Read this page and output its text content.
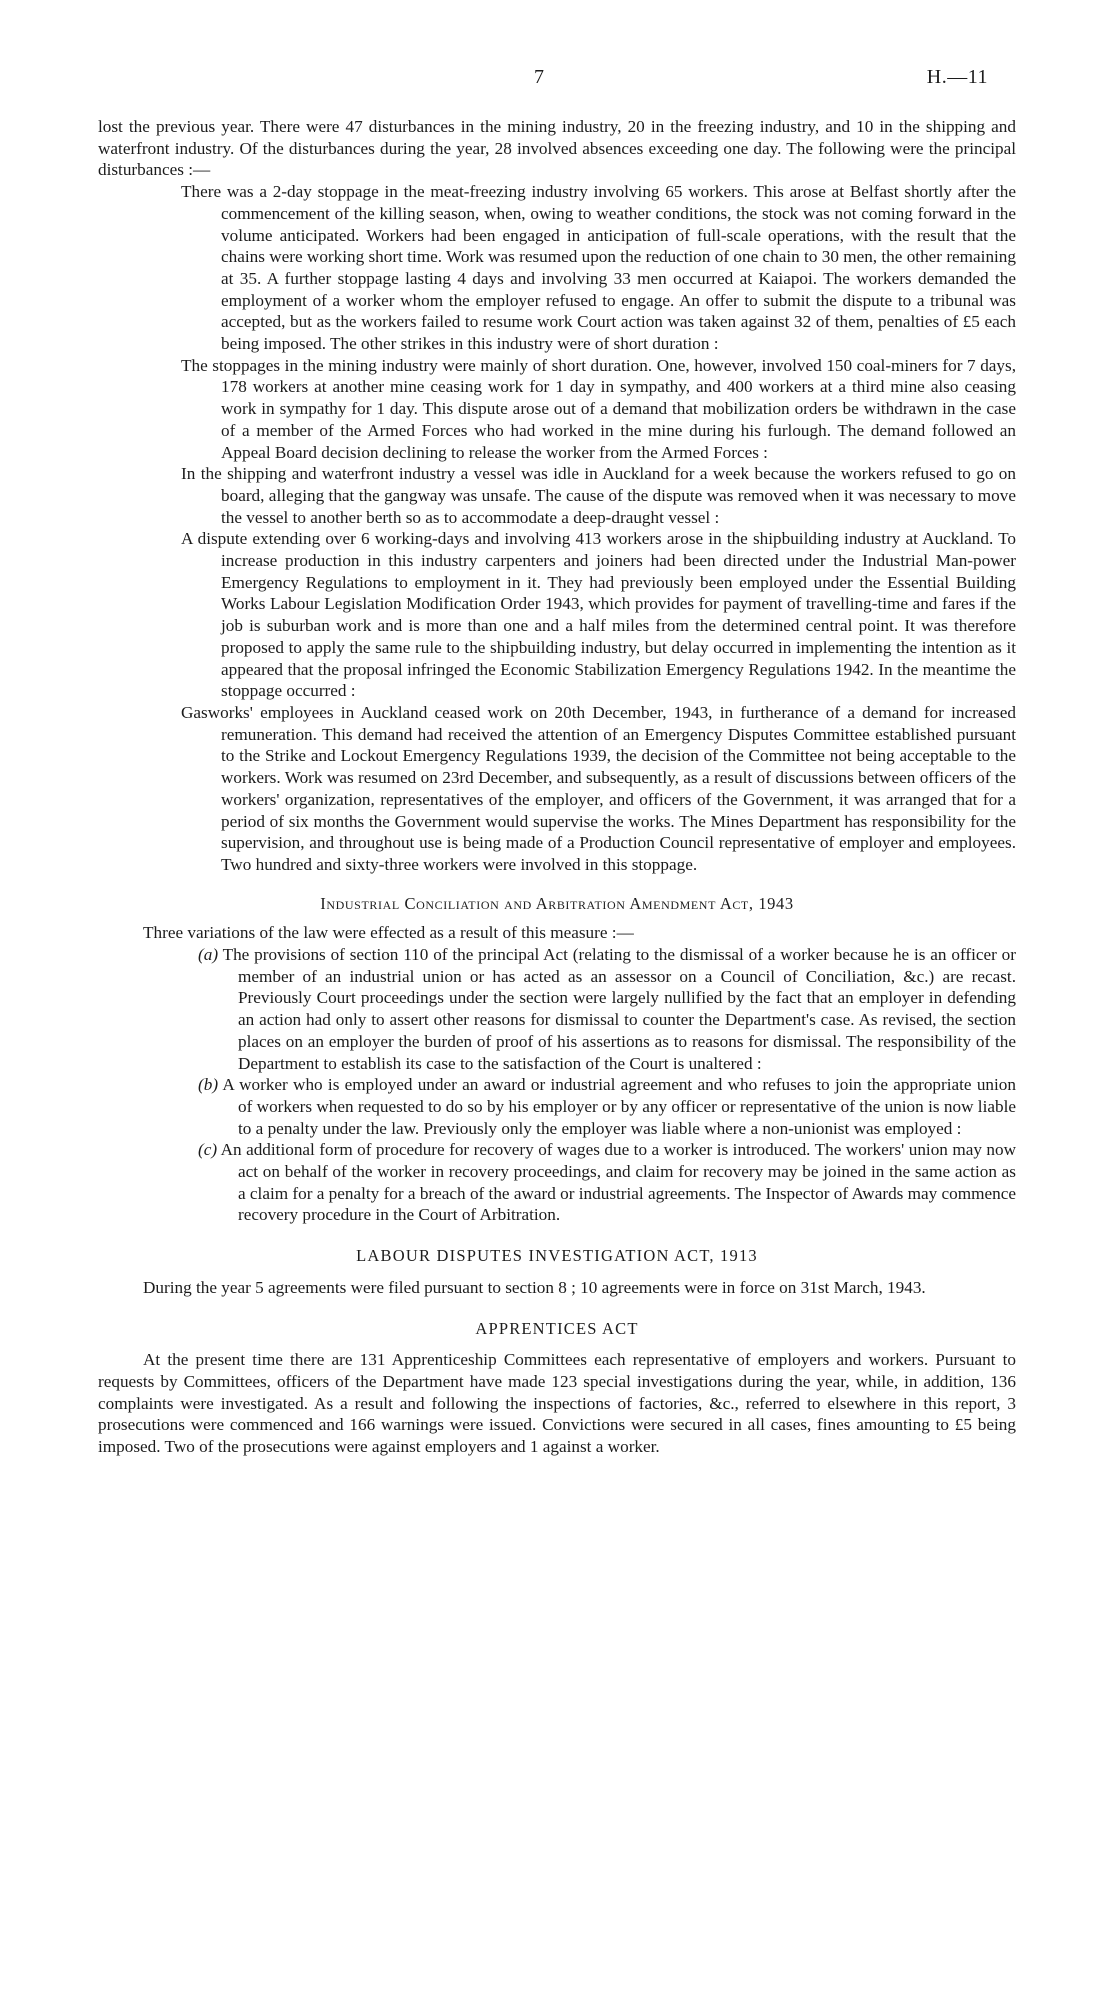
7	H.—11

lost the previous year. There were 47 disturbances in the mining industry, 20 in the freezing industry, and 10 in the shipping and waterfront industry. Of the disturbances during the year, 28 involved absences exceeding one day. The following were the principal disturbances :—

There was a 2-day stoppage in the meat-freezing industry involving 65 workers. This arose at Belfast shortly after the commencement of the killing season, when, owing to weather conditions, the stock was not coming forward in the volume anticipated. Workers had been engaged in anticipation of full-scale operations, with the result that the chains were working short time. Work was resumed upon the reduction of one chain to 30 men, the other remaining at 35. A further stoppage lasting 4 days and involving 33 men occurred at Kaiapoi. The workers demanded the employment of a worker whom the employer refused to engage. An offer to submit the dispute to a tribunal was accepted, but as the workers failed to resume work Court action was taken against 32 of them, penalties of £5 each being imposed. The other strikes in this industry were of short duration :

The stoppages in the mining industry were mainly of short duration. One, however, involved 150 coal-miners for 7 days, 178 workers at another mine ceasing work for 1 day in sympathy, and 400 workers at a third mine also ceasing work in sympathy for 1 day. This dispute arose out of a demand that mobilization orders be withdrawn in the case of a member of the Armed Forces who had worked in the mine during his furlough. The demand followed an Appeal Board decision declining to release the worker from the Armed Forces :

In the shipping and waterfront industry a vessel was idle in Auckland for a week because the workers refused to go on board, alleging that the gangway was unsafe. The cause of the dispute was removed when it was necessary to move the vessel to another berth so as to accommodate a deep-draught vessel :

A dispute extending over 6 working-days and involving 413 workers arose in the shipbuilding industry at Auckland. To increase production in this industry carpenters and joiners had been directed under the Industrial Man-power Emergency Regulations to employment in it. They had previously been employed under the Essential Building Works Labour Legislation Modification Order 1943, which provides for payment of travelling-time and fares if the job is suburban work and is more than one and a half miles from the determined central point. It was therefore proposed to apply the same rule to the shipbuilding industry, but delay occurred in implementing the intention as it appeared that the proposal infringed the Economic Stabilization Emergency Regulations 1942. In the meantime the stoppage occurred :

Gasworks' employees in Auckland ceased work on 20th December, 1943, in furtherance of a demand for increased remuneration. This demand had received the attention of an Emergency Disputes Committee established pursuant to the Strike and Lockout Emergency Regulations 1939, the decision of the Committee not being acceptable to the workers. Work was resumed on 23rd December, and subsequently, as a result of discussions between officers of the workers' organization, representatives of the employer, and officers of the Government, it was arranged that for a period of six months the Government would supervise the works. The Mines Department has responsibility for the supervision, and throughout use is being made of a Production Council representative of employer and employees. Two hundred and sixty-three workers were involved in this stoppage.

Industrial Conciliation and Arbitration Amendment Act, 1943

Three variations of the law were effected as a result of this measure :—

(a) The provisions of section 110 of the principal Act (relating to the dismissal of a worker because he is an officer or member of an industrial union or has acted as an assessor on a Council of Conciliation, &c.) are recast. Previously Court proceedings under the section were largely nullified by the fact that an employer in defending an action had only to assert other reasons for dismissal to counter the Department's case. As revised, the section places on an employer the burden of proof of his assertions as to reasons for dismissal. The responsibility of the Department to establish its case to the satisfaction of the Court is unaltered :

(b) A worker who is employed under an award or industrial agreement and who refuses to join the appropriate union of workers when requested to do so by his employer or by any officer or representative of the union is now liable to a penalty under the law. Previously only the employer was liable where a non-unionist was employed :

(c) An additional form of procedure for recovery of wages due to a worker is introduced. The workers' union may now act on behalf of the worker in recovery proceedings, and claim for recovery may be joined in the same action as a claim for a penalty for a breach of the award or industrial agreements. The Inspector of Awards may commence recovery procedure in the Court of Arbitration.

LABOUR DISPUTES INVESTIGATION ACT, 1913

During the year 5 agreements were filed pursuant to section 8 ; 10 agreements were in force on 31st March, 1943.

APPRENTICES ACT

At the present time there are 131 Apprenticeship Committees each representative of employers and workers. Pursuant to requests by Committees, officers of the Department have made 123 special investigations during the year, while, in addition, 136 complaints were investigated. As a result and following the inspections of factories, &c., referred to elsewhere in this report, 3 prosecutions were commenced and 166 warnings were issued. Convictions were secured in all cases, fines amounting to £5 being imposed. Two of the prosecutions were against employers and 1 against a worker.
